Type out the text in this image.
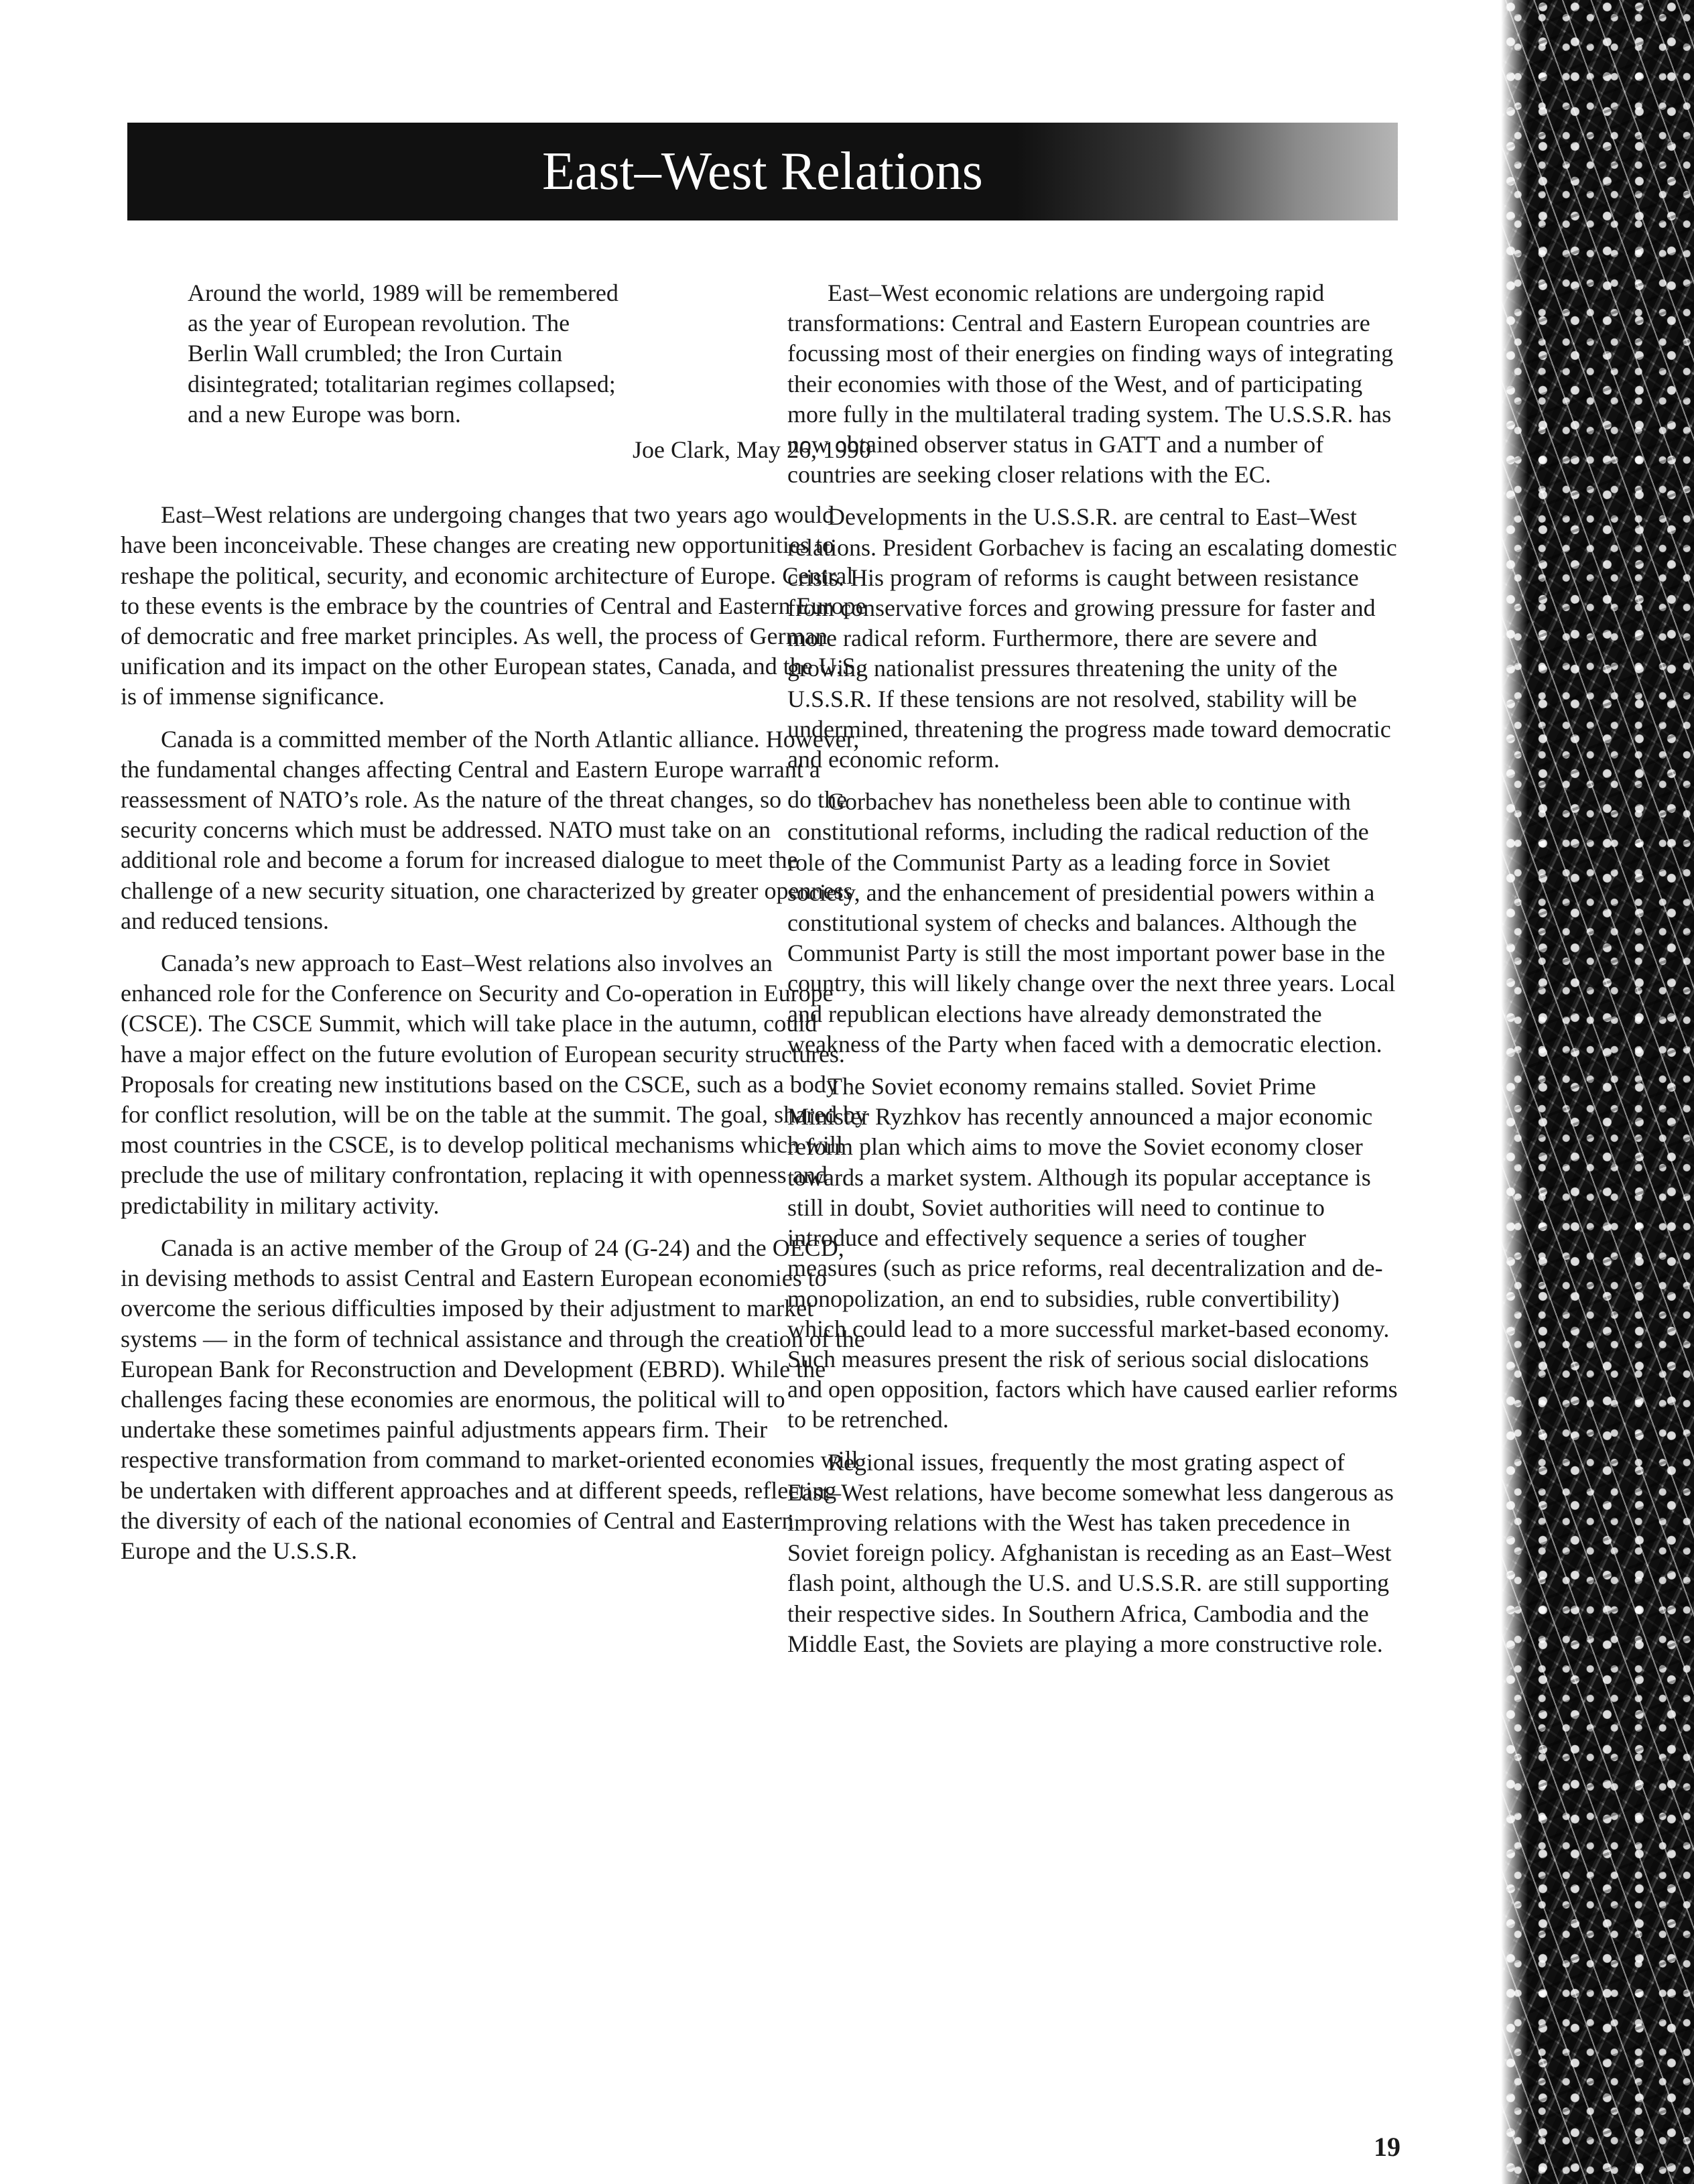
East–West Relations

Around the world, 1989 will be remembered

as the year of European revolution. The

Berlin Wall crumbled; the Iron Curtain

disintegrated; totalitarian regimes collapsed;

and a new Europe was born.

Joe Clark, May 26, 1990

East–West relations are undergoing changes that two years ago would have been inconceivable. These changes are creating new opportunities to reshape the political, security, and economic architecture of Europe. Central to these events is the embrace by the countries of Central and Eastern Europe of democratic and free market principles. As well, the process of German unification and its impact on the other European states, Canada, and the U.S. is of immense significance.

Canada is a committed member of the North Atlantic alliance. However, the fundamental changes affecting Central and Eastern Europe warrant a reassessment of NATO’s role. As the nature of the threat changes, so do the security concerns which must be addressed. NATO must take on an additional role and become a forum for increased dialogue to meet the challenge of a new security situation, one characterized by greater openness and reduced tensions.

Canada’s new approach to East–West relations also involves an enhanced role for the Conference on Security and Co-operation in Europe (CSCE). The CSCE Summit, which will take place in the autumn, could have a major effect on the future evolution of European security structures. Proposals for creating new institutions based on the CSCE, such as a body for conflict resolution, will be on the table at the summit. The goal, shared by most countries in the CSCE, is to develop political mechanisms which will preclude the use of military confrontation, replacing it with openness and predictability in military activity.

Canada is an active member of the Group of 24 (G-24) and the OECD, in devising methods to assist Central and Eastern European economies to overcome the serious difficulties imposed by their adjustment to market systems — in the form of technical assistance and through the creation of the European Bank for Reconstruction and Development (EBRD). While the challenges facing these economies are enormous, the political will to undertake these sometimes painful adjustments appears firm. Their respective transformation from command to market-oriented economies will be undertaken with different approaches and at different speeds, reflecting the diversity of each of the national economies of Central and Eastern Europe and the U.S.S.R.

East–West economic relations are undergoing rapid transformations: Central and Eastern European countries are focussing most of their energies on finding ways of integrating their economies with those of the West, and of participating more fully in the multilateral trading system. The U.S.S.R. has now obtained observer status in GATT and a number of countries are seeking closer relations with the EC.

Developments in the U.S.S.R. are central to East–West relations. President Gorbachev is facing an escalating domestic crisis. His program of reforms is caught between resistance from conservative forces and growing pressure for faster and more radical reform. Furthermore, there are severe and growing nationalist pressures threatening the unity of the U.S.S.R. If these tensions are not resolved, stability will be undermined, threatening the progress made toward democratic and economic reform.

Gorbachev has nonetheless been able to continue with constitutional reforms, including the radical reduction of the role of the Communist Party as a leading force in Soviet society, and the enhancement of presidential powers within a constitutional system of checks and balances. Although the Communist Party is still the most important power base in the country, this will likely change over the next three years. Local and republican elections have already demonstrated the weakness of the Party when faced with a democratic election.

The Soviet economy remains stalled. Soviet Prime Minister Ryzhkov has recently announced a major economic reform plan which aims to move the Soviet economy closer towards a market system. Although its popular acceptance is still in doubt, Soviet authorities will need to continue to introduce and effectively sequence a series of tougher measures (such as price reforms, real decentralization and de-monopolization, an end to subsidies, ruble convertibility) which could lead to a more successful market-based economy. Such measures present the risk of serious social dislocations and open opposition, factors which have caused earlier reforms to be retrenched.

Regional issues, frequently the most grating aspect of East–West relations, have become somewhat less dangerous as improving relations with the West has taken precedence in Soviet foreign policy. Afghanistan is receding as an East–West flash point, although the U.S. and U.S.S.R. are still supporting their respective sides. In Southern Africa, Cambodia and the Middle East, the Soviets are playing a more constructive role.

19
